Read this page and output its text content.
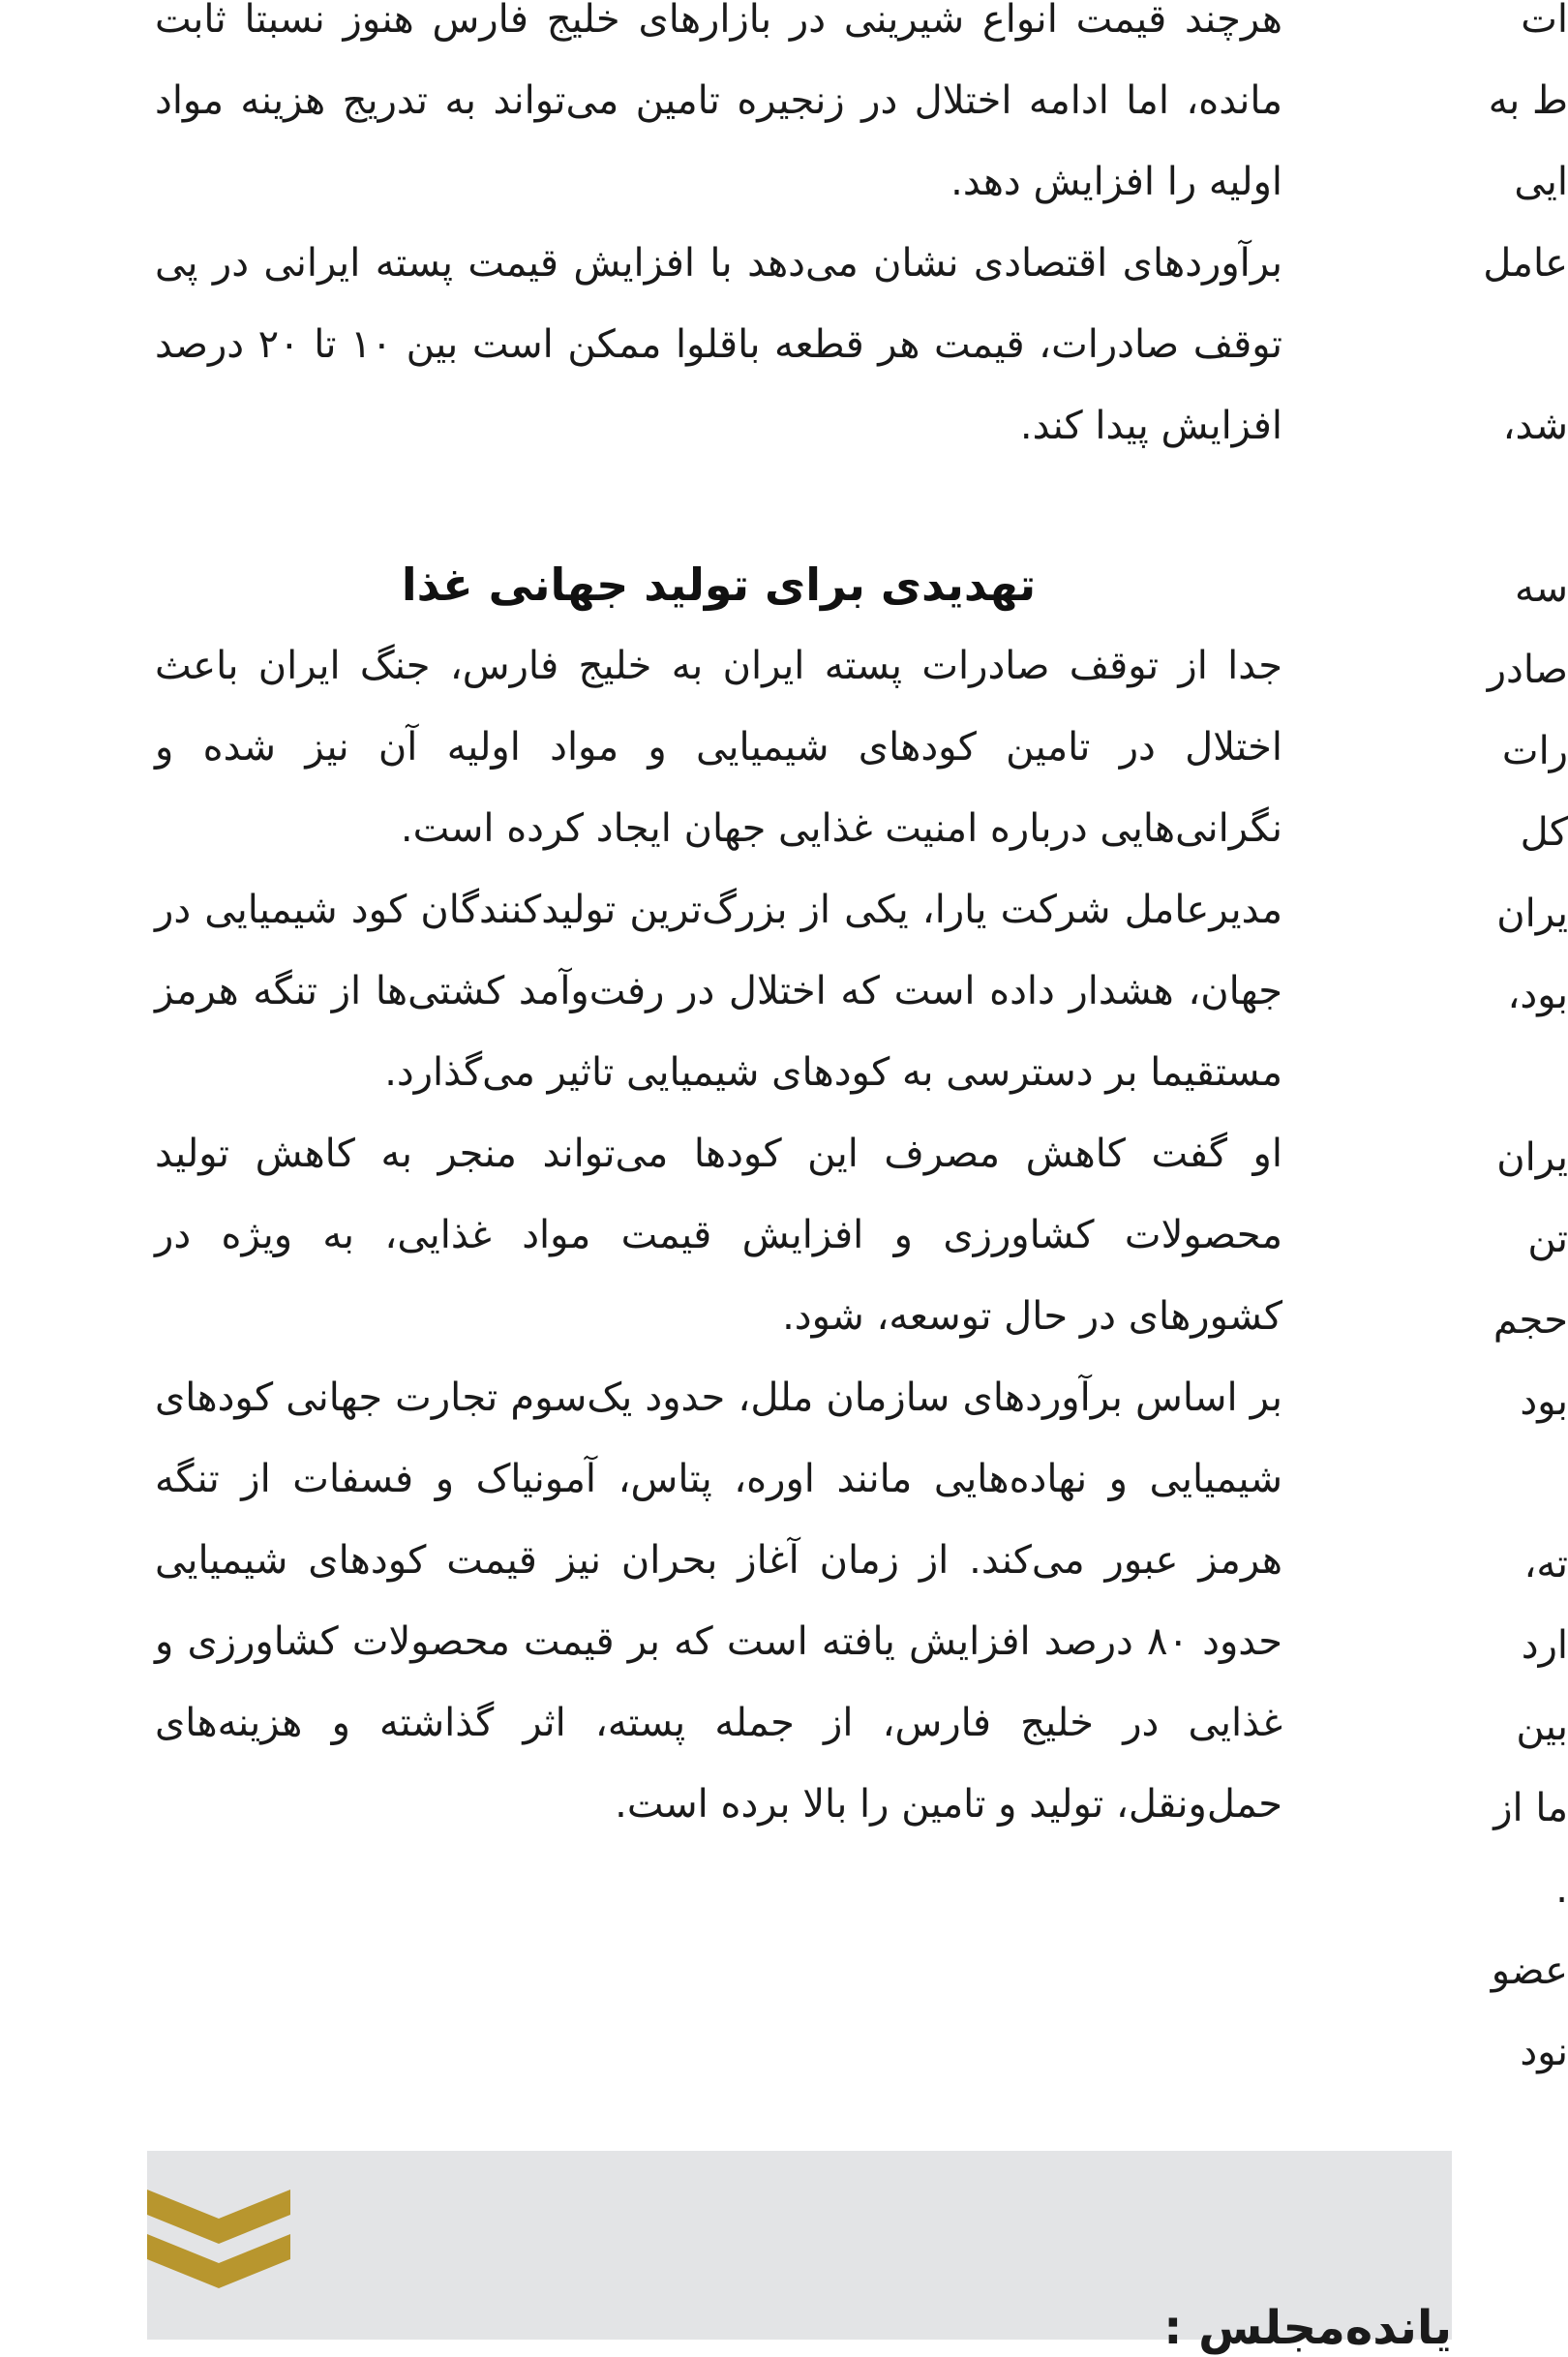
هرچند قیمت انواع شیرینی در بازارهای خلیج فارس هنوز نسبتا ثابت مانده، اما ادامه اختلال در زنجیره تامین می‌تواند به تدریج هزینه مواد اولیه را افزایش دهد.

برآوردهای اقتصادی نشان می‌دهد با افزایش قیمت پسته ایرانی در پی توقف صادرات، قیمت هر قطعه باقلوا ممکن است بین ۱۰ تا ۲۰ درصد افزایش پیدا کند.

تهدیدی برای تولید جهانی غذا

جدا از توقف صادرات پسته ایران به خلیج فارس، جنگ ایران باعث اختلال در تامین کودهای شیمیایی و مواد اولیه آن نیز شده و نگرانی‌هایی درباره امنیت غذایی جهان ایجاد کرده است.

مدیرعامل شرکت یارا، یکی از بزرگ‌ترین تولیدکنندگان کود شیمیایی در جهان، هشدار داده است که اختلال در رفت‌وآمد کشتی‌ها از تنگه هرمز مستقیما بر دسترسی به کودهای شیمیایی تاثیر می‌گذارد.

او گفت کاهش مصرف این کودها می‌تواند منجر به کاهش تولید محصولات کشاورزی و افزایش قیمت مواد غذایی، به ویژه در کشورهای در حال توسعه، شود.

بر اساس برآوردهای سازمان ملل، حدود یک‌سوم تجارت جهانی کودهای شیمیایی و نهاده‌هایی مانند اوره، پتاس، آمونیاک و فسفات از تنگه هرمز عبور می‌کند. از زمان آغاز بحران نیز قیمت کودهای شیمیایی حدود ۸۰ درصد افزایش یافته است که بر قیمت محصولات کشاورزی و غذایی در خلیج فارس، از جمله پسته، اثر گذاشته و هزینه‌های حمل‌ونقل، تولید و تامین را بالا برده است.

ات
ط به
ایی
عامل
شد،
سه
صادر
رات
کل
یران
بود،
یران
تن
حجم
بود
ته،
ارد
بین
ما از
.
عضو
نود
یانده‌مجلس :
